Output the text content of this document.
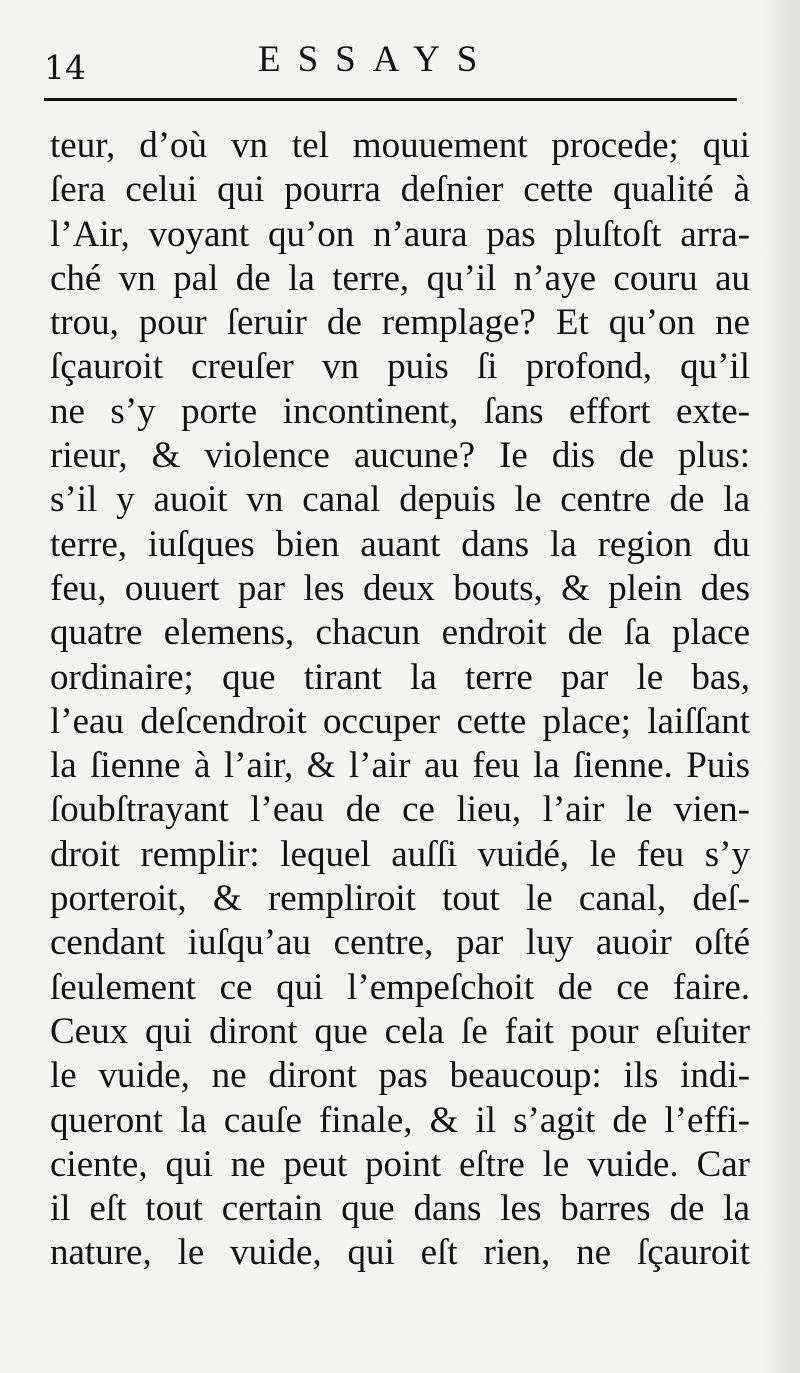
14	ESSAYS
teur, d’où vn tel mouuement procede; qui
ſera celui qui pourra deſnier cette qualité à
l’Air, voyant qu’on n’aura pas pluſtoſt arra-
ché vn pal de la terre, qu’il n’aye couru au
trou, pour ſeruir de remplage? Et qu’on ne
ſçauroit creuſer vn puis ſi profond, qu’il
ne s’y porte incontinent, ſans effort exte-
rieur, & violence aucune? Ie dis de plus:
s’il y auoit vn canal depuis le centre de la
terre, iuſques bien auant dans la region du
feu, ouuert par les deux bouts, & plein des
quatre elemens, chacun endroit de ſa place
ordinaire; que tirant la terre par le bas,
l’eau deſcendroit occuper cette place; laiſſant
la ſienne à l’air, & l’air au feu la ſienne. Puis
ſoubſtrayant l’eau de ce lieu, l’air le vien-
droit remplir: lequel auſſi vuidé, le feu s’y
porteroit, & rempliroit tout le canal, deſ-
cendant iuſqu’au centre, par luy auoir oſté
ſeulement ce qui l’empeſchoit de ce faire.
Ceux qui diront que cela ſe fait pour eſuiter
le vuide, ne diront pas beaucoup: ils indi-
queront la cauſe finale, & il s’agit de l’effi-
ciente, qui ne peut point eſtre le vuide. Car
il eſt tout certain que dans les barres de la
nature, le vuide, qui eſt rien, ne ſçauroit
